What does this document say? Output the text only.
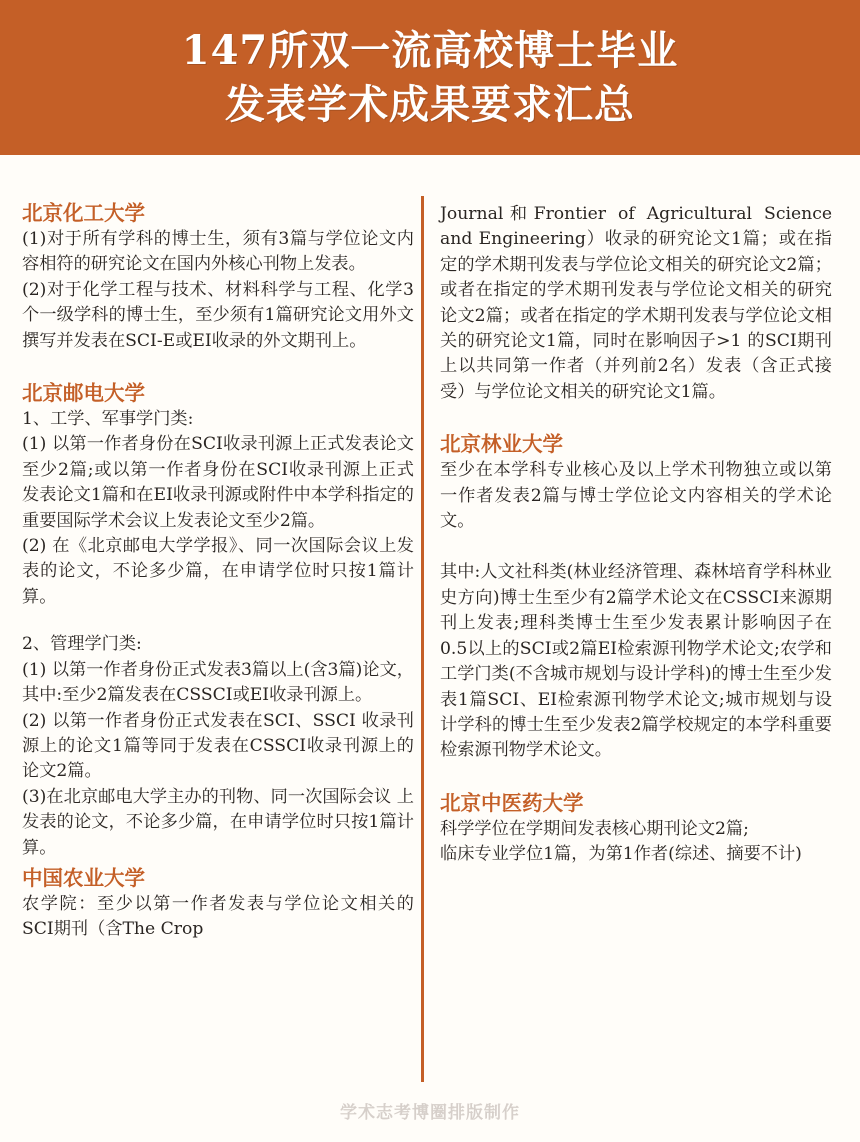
147所双一流高校博士毕业
发表学术成果要求汇总
北京化工大学

(1)对于所有学科的博士生，须有3篇与学位论文内容相符的研究论文在国内外核心刊物上发表。

(2)对于化学工程与技术、材料科学与工程、化学3个一级学科的博士生，至少须有1篇研究论文用外文撰写并发表在SCI-E或EI收录的外文期刊上。

北京邮电大学

1、工学、军事学门类:

(1) 以第一作者身份在SCI收录刊源上正式发表论文至少2篇;或以第一作者身份在SCI收录刊源上正式发表论文1篇和在EI收录刊源或附件中本学科指定的重要国际学术会议上发表论文至少2篇。

(2) 在《北京邮电大学学报》、同一次国际会议上发表的论文，不论多少篇，在申请学位时只按1篇计算。

2、管理学门类:

(1) 以第一作者身份正式发表3篇以上(含3篇)论文，其中:至少2篇发表在CSSCI或EI收录刊源上。

(2) 以第一作者身份正式发表在SCI、SSCI 收录刊源上的论文1篇等同于发表在CSSCI收录刊源上的论文2篇。

(3)在北京邮电大学主办的刊物、同一次国际会议 上发表的论文，不论多少篇，在申请学位时只按1篇计算。

中国农业大学

农学院：至少以第一作者发表与学位论文相关的SCI期刊（含The Crop

Journal和Frontier of Agricultural Science and Engineering）收录的研究论文1篇；或在指定的学术期刊发表与学位论文相关的研究论文2篇；或者在指定的学术期刊发表与学位论文相关的研究论文2篇；或者在指定的学术期刊发表与学位论文相关的研究论文1篇，同时在影响因子>1 的SCI期刊上以共同第一作者（并列前2名）发表（含正式接受）与学位论文相关的研究论文1篇。

北京林业大学

至少在本学科专业核心及以上学术刊物独立或以第一作者发表2篇与博士学位论文内容相关的学术论文。

其中:人文社科类(林业经济管理、森林培育学科林业史方向)博士生至少有2篇学术论文在CSSCI来源期刊上发表;理科类博士生至少发表累计影响因子在0.5以上的SCI或2篇EI检索源刊物学术论文;农学和工学门类(不含城市规划与设计学科)的博士生至少发表1篇SCI、EI检索源刊物学术论文;城市规划与设计学科的博士生至少发表2篇学校规定的本学科重要检索源刊物学术论文。

北京中医药大学

科学学位在学期间发表核心期刊论文2篇;

临床专业学位1篇，为第1作者(综述、摘要不计)

学术志考博圈排版制作
